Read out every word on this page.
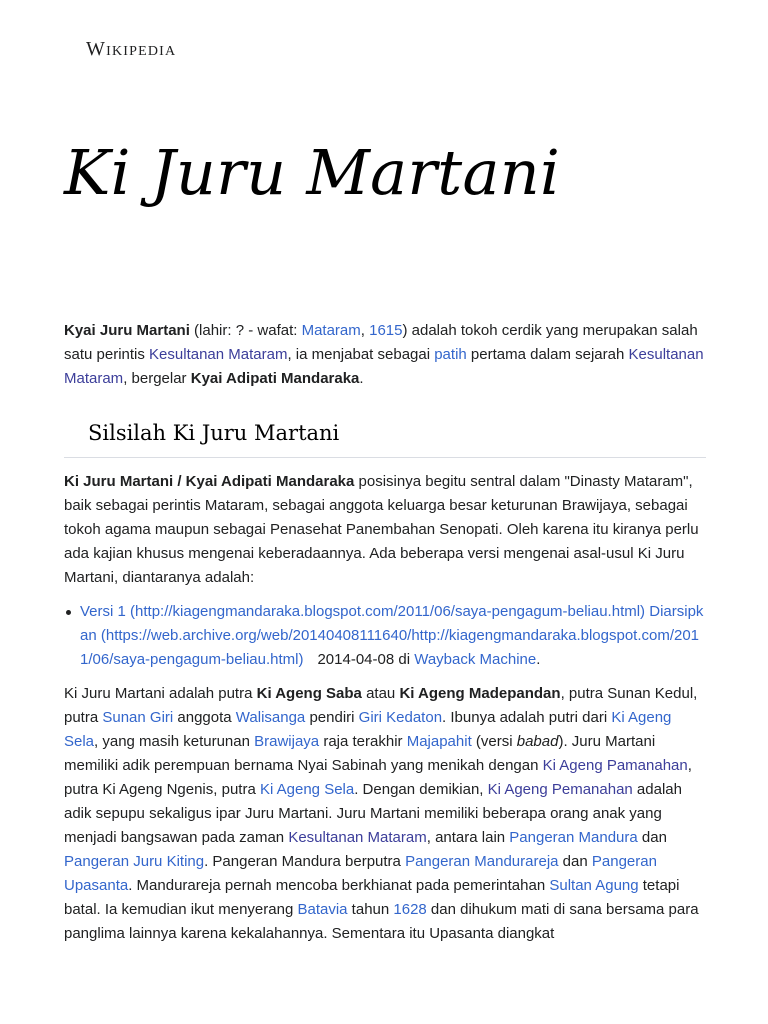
Wikipedia
Ki Juru Martani

Kyai Juru Martani (lahir: ? - wafat: Mataram, 1615) adalah tokoh cerdik yang merupakan salah satu perintis Kesultanan Mataram, ia menjabat sebagai patih pertama dalam sejarah Kesultanan Mataram, bergelar Kyai Adipati Mandaraka.

Silsilah Ki Juru Martani

Ki Juru Martani / Kyai Adipati Mandaraka posisinya begitu sentral dalam "Dinasty Mataram", baik sebagai perintis Mataram, sebagai anggota keluarga besar keturunan Brawijaya, sebagai tokoh agama maupun sebagai Penasehat Panembahan Senopati. Oleh karena itu kiranya perlu ada kajian khusus mengenai keberadaannya. Ada beberapa versi mengenai asal-usul Ki Juru Martani, diantaranya adalah:

Versi 1 (http://kiagengmandaraka.blogspot.com/2011/06/saya-pengagum-beliau.html) Diarsipkan (https://web.archive.org/web/20140408111640/http://kiagengmandaraka.blogspot.com/2011/06/saya-pengagum-beliau.html) 2014-04-08 di Wayback Machine.

Ki Juru Martani adalah putra Ki Ageng Saba atau Ki Ageng Madepandan, putra Sunan Kedul, putra Sunan Giri anggota Walisanga pendiri Giri Kedaton. Ibunya adalah putri dari Ki Ageng Sela, yang masih keturunan Brawijaya raja terakhir Majapahit (versi babad). Juru Martani memiliki adik perempuan bernama Nyai Sabinah yang menikah dengan Ki Ageng Pamanahan, putra Ki Ageng Ngenis, putra Ki Ageng Sela. Dengan demikian, Ki Ageng Pemanahan adalah adik sepupu sekaligus ipar Juru Martani. Juru Martani memiliki beberapa orang anak yang menjadi bangsawan pada zaman Kesultanan Mataram, antara lain Pangeran Mandura dan Pangeran Juru Kiting. Pangeran Mandura berputra Pangeran Mandurareja dan Pangeran Upasanta. Mandurareja pernah mencoba berkhianat pada pemerintahan Sultan Agung tetapi batal. Ia kemudian ikut menyerang Batavia tahun 1628 dan dihukum mati di sana bersama para panglima lainnya karena kekalahannya. Sementara itu Upasanta diangkat
